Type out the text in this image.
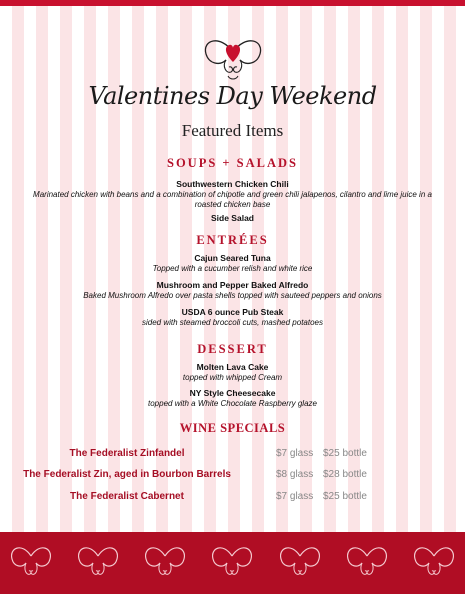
Valentines Day Weekend
Featured Items
SOUPS + SALADS
Southwestern Chicken Chili
Marinated chicken with beans and a combination of chipotle and green chili jalapenos, cilantro and lime juice in a roasted chicken base
Side Salad
ENTRÉES
Cajun Seared Tuna
Topped with a cucumber relish and white rice
Mushroom and Pepper Baked Alfredo
Baked Mushroom Alfredo over pasta shells topped with sauteed peppers and onions
USDA 6 ounce Pub Steak
sided with steamed broccoli cuts, mashed potatoes
DESSERT
Molten Lava Cake
topped with whipped Cream
NY Style Cheesecake
topped with a White Chocolate Raspberry glaze
WINE SPECIALS
The Federalist Zinfandel	$7 glass $25 bottle
The Federalist Zin, aged in Bourbon Barrels	$8 glass $28 bottle
The Federalist Cabernet	$7 glass $25 bottle
